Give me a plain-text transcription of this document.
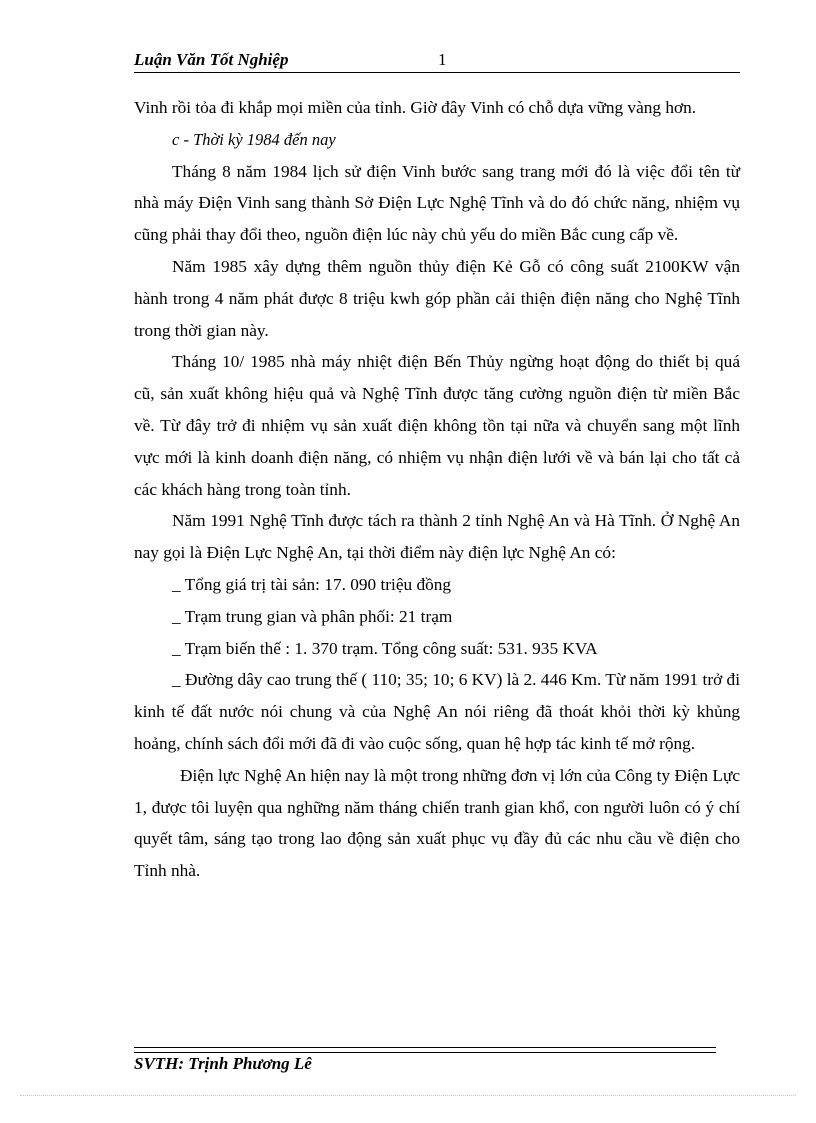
Luận Văn Tốt Nghiệp	1

Vinh rồi tỏa đi khắp mọi miền của tỉnh. Giờ đây Vinh có chỗ dựa vững vàng hơn.

c - Thời kỳ 1984 đến nay

Tháng 8 năm 1984 lịch sử điện Vinh bước sang trang mới đó là việc đổi tên từ nhà máy Điện Vinh sang thành Sở Điện Lực Nghệ Tĩnh và do đó chức năng, nhiệm vụ cũng phải thay đổi theo, nguồn điện lúc này chủ yếu do miền Bắc cung cấp về.

Năm 1985 xây dựng thêm nguồn thủy điện Kẻ Gỗ có công suất 2100KW vận hành trong 4 năm phát được 8 triệu kwh góp phần cải thiện điện năng cho Nghệ Tĩnh trong thời gian này.

Tháng 10/ 1985 nhà máy nhiệt điện Bến Thủy ngừng hoạt động do thiết bị quá cũ, sản xuất không hiệu quả và Nghệ Tĩnh được tăng cường nguồn điện từ miền Bắc về. Từ đây trở đi nhiệm vụ sản xuất điện không tồn tại nữa và chuyển sang một lĩnh vực mới là kinh doanh điện năng, có nhiệm vụ nhận điện lưới về và bán lại cho tất cả các khách hàng trong toàn tỉnh.

Năm 1991 Nghệ Tĩnh được tách ra thành 2 tỉnh Nghệ An và Hà Tĩnh. Ở Nghệ An nay gọi là Điện Lực Nghệ An, tại thời điểm này điện lực Nghệ An có:

_ Tổng giá trị tài sản: 17. 090 triệu đồng

_ Trạm trung gian và phân phối: 21 trạm

_ Trạm biến thế : 1. 370 trạm. Tổng công suất: 531. 935 KVA

_ Đường dây cao trung thế ( 110; 35; 10; 6 KV) là 2. 446 Km. Từ năm 1991 trở đi kinh tế đất nước nói chung và của Nghệ An nói riêng đã thoát khỏi thời kỳ khủng hoảng, chính sách đổi mới đã đi vào cuộc sống, quan hệ hợp tác kinh tế mở rộng.

Điện lực Nghệ An hiện nay là một trong những đơn vị lớn của Công ty Điện Lực 1, được tôi luyện qua nghững năm tháng chiến tranh gian khổ, con người luôn có ý chí quyết tâm, sáng tạo trong lao động sản xuất phục vụ đầy đủ các nhu cầu về điện cho Tỉnh nhà.

SVTH: Trịnh Phương Lê
